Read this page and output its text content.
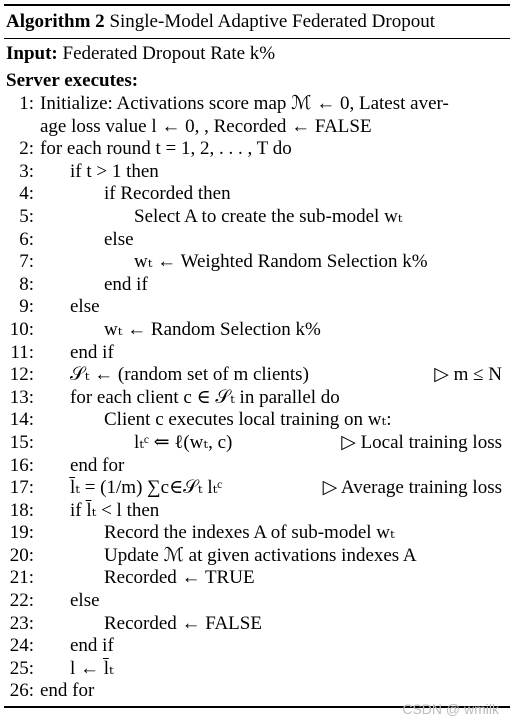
Algorithm 2 Single-Model Adaptive Federated Dropout
Input: Federated Dropout Rate k%
Server executes:
1: Initialize: Activations score map ℳ ← 0, Latest aver-
age loss value l ← 0, , Recorded ← FALSE
2: for each round t = 1, 2, . . . , T do
3: if t > 1 then
4:	if Recorded then
5:	Select A to create the sub-model wₜ
6:	else
7:	wₜ ← Weighted Random Selection k%
8:	end if
9: else
10:	wₜ ← Random Selection k%
11: end if
12: 𝒮ₜ ← (random set of m clients)	▷ m ≤ N
13: for each client c ∈ 𝒮ₜ in parallel do
14:	Client c executes local training on wₜ:
15:	lₜᶜ ⇐ ℓ(wₜ, c)	▷ Local training loss
16: end for
17: l̄ₜ = (1/m) ∑c∈𝒮ₜ lₜᶜ	▷ Average training loss
18: if l̄ₜ < l then
19:	Record the indexes A of sub-model wₜ
20:	Update ℳ at given activations indexes A
21:	Recorded ← TRUE
22: else
23:	Recorded ← FALSE
24: end if
25: l ← l̄ₜ
26: end for
CSDN @ wmilk
